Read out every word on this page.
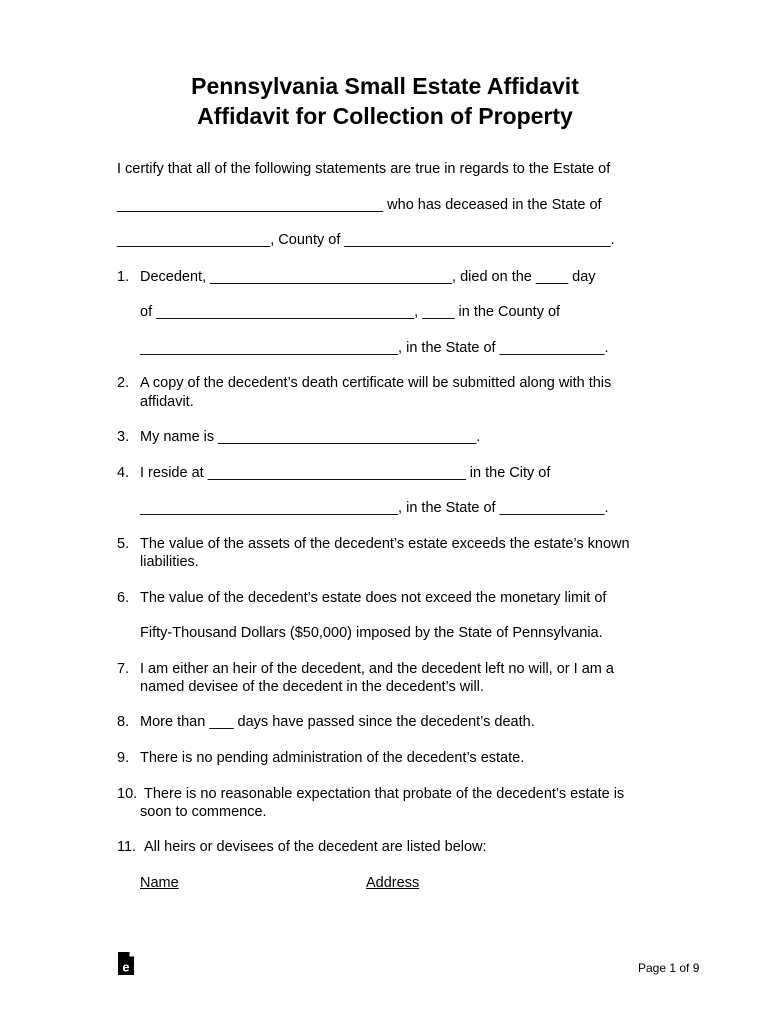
Pennsylvania Small Estate Affidavit
Affidavit for Collection of Property
I certify that all of the following statements are true in regards to the Estate of
_________________________________ who has deceased in the State of
___________________, County of _________________________________.
1. Decedent, ______________________________, died on the ____ day
of ________________________________, ____ in the County of
________________________________, in the State of _____________.
2. A copy of the decedent’s death certificate will be submitted along with this
affidavit.
3. My name is ________________________________.
4. I reside at ________________________________ in the City of
________________________________, in the State of _____________.
5. The value of the assets of the decedent’s estate exceeds the estate’s known
liabilities.
6. The value of the decedent’s estate does not exceed the monetary limit of
Fifty-Thousand Dollars ($50,000) imposed by the State of Pennsylvania.
7. I am either an heir of the decedent, and the decedent left no will, or I am a
named devisee of the decedent in the decedent’s will.
8. More than ___ days have passed since the decedent’s death.
9. There is no pending administration of the decedent’s estate.
10. There is no reasonable expectation that probate of the decedent’s estate is
soon to commence.
11. All heirs or devisees of the decedent are listed below:
Name	Address
e	Page 1 of 9
